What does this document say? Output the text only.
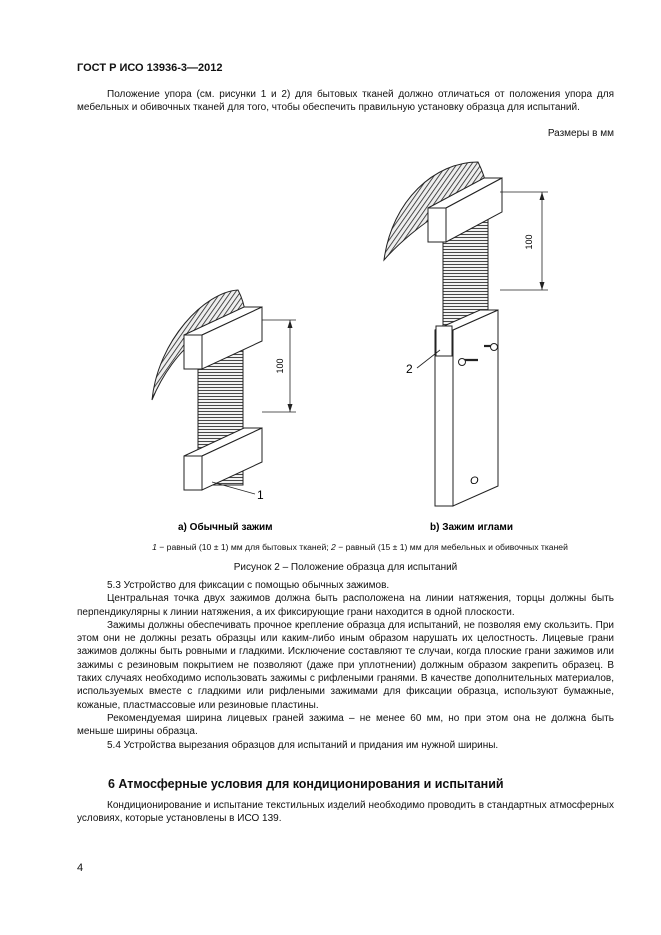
ГОСТ Р ИСО 13936-3—2012

Положение упора (см. рисунки 1 и 2) для бытовых тканей должно отличаться от положения упора для мебельных и обивочных тканей для того, чтобы обеспечить правильную установку образца для испытаний.

Размеры в мм
100
1
O
100
2
а) Обычный зажим	b) Зажим иглами
1 − равный (10 ± 1) мм для бытовых тканей; 2 − равный (15 ± 1) мм для мебельных и обивочных тканей
Рисунок 2 – Положение образца для испытаний

5.3 Устройство для фиксации с помощью обычных зажимов.

Центральная точка двух зажимов должна быть расположена на линии натяжения, торцы должны быть перпендикулярны к линии натяжения, а их фиксирующие грани находится в одной плоскости.

Зажимы должны обеспечивать прочное крепление образца для испытаний, не позволяя ему скользить. При этом они не должны резать образцы или каким-либо иным образом нарушать их целостность. Лицевые грани зажимов должны быть ровными и гладкими. Исключение составляют те случаи, когда плоские грани зажимов или зажимы с резиновым покрытием не позволяют (даже при уплотнении) должным образом закрепить образец. В таких случаях необходимо использовать зажимы с рифлеными гранями. В качестве дополнительных материалов, используемых вместе с гладкими или рифлеными зажимами для фиксации образца, используют бумажные, кожаные, пластмассовые или резиновые пластины.

Рекомендуемая ширина лицевых граней зажима – не менее 60 мм, но при этом она не должна быть меньше ширины образца.

5.4 Устройства вырезания образцов для испытаний и придания им нужной ширины.

6 Атмосферные условия для кондиционирования и испытаний

Кондиционирование и испытание текстильных изделий необходимо проводить в стандартных атмосферных условиях, которые установлены в ИСО 139.

4
